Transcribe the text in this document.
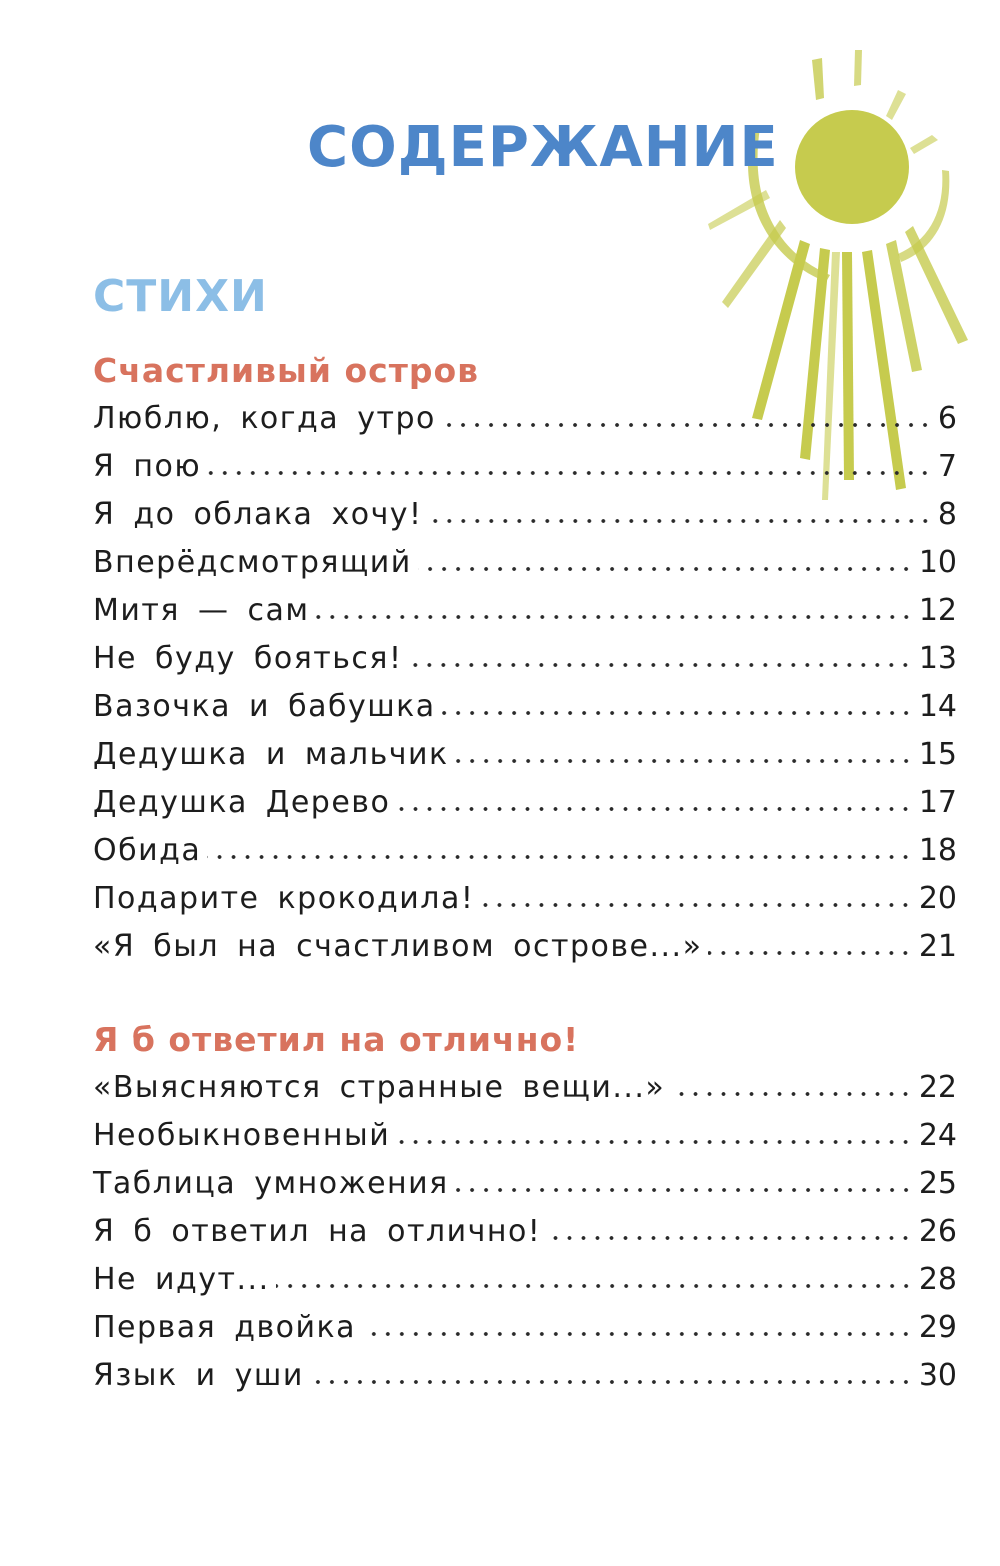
СОДЕРЖАНИЕ
СТИХИ
Счастливый остров
Люблю, когда утро	6
Я пою	7
Я до облака хочу!	8
Вперёдсмотрящий	10
Митя — сам	12
Не буду бояться!	13
Вазочка и бабушка	14
Дедушка и мальчик	15
Дедушка Дерево	17
Обида	18
Подарите крокодила!	20
«Я был на счастливом острове...»	21
Я б ответил на отлично!
«Выясняются странные вещи...»	22
Необыкновенный	24
Таблица умножения	25
Я б ответил на отлично!	26
Не идут...	28
Первая двойка	29
Язык и уши	30
